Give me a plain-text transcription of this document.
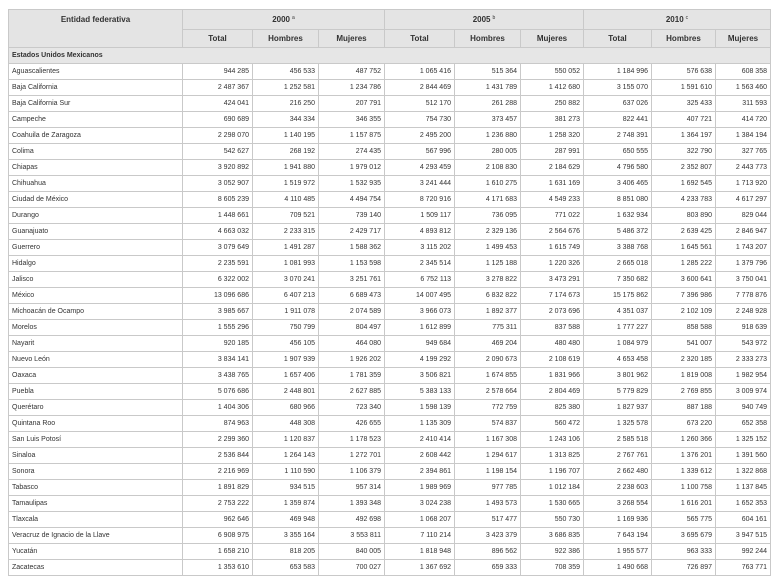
Entidad federativa	2000 $^a$			2005 $^b$			2010 $^c$
	Total	Hombres	Mujeres	Total	Hombres	Mujeres	Total	Hombres	Mujeres
Estados Unidos Mexicanos									
Aguascalientes	944 285	456 533	487 752	1 065 416	515 364	550 052	1 184 996	576 638	608 358
Baja California	2 487 367	1 252 581	1 234 786	2 844 469	1 431 789	1 412 680	3 155 070	1 591 610	1 563 460
Baja California Sur	424 041	216 250	207 791	512 170	261 288	250 882	637 026	325 433	311 593
Campeche	690 689	344 334	346 355	754 730	373 457	381 273	822 441	407 721	414 720
Coahuila de Zaragoza	2 298 070	1 140 195	1 157 875	2 495 200	1 236 880	1 258 320	2 748 391	1 364 197	1 384 194
Colima	542 627	268 192	274 435	567 996	280 005	287 991	650 555	322 790	327 765
Chiapas	3 920 892	1 941 880	1 979 012	4 293 459	2 108 830	2 184 629	4 796 580	2 352 807	2 443 773
Chihuahua	3 052 907	1 519 972	1 532 935	3 241 444	1 610 275	1 631 169	3 406 465	1 692 545	1 713 920
Ciudad de México	8 605 239	4 110 485	4 494 754	8 720 916	4 171 683	4 549 233	8 851 080	4 233 783	4 617 297
Durango	1 448 661	709 521	739 140	1 509 117	736 095	771 022	1 632 934	803 890	829 044
Guanajuato	4 663 032	2 233 315	2 429 717	4 893 812	2 329 136	2 564 676	5 486 372	2 639 425	2 846 947
Guerrero	3 079 649	1 491 287	1 588 362	3 115 202	1 499 453	1 615 749	3 388 768	1 645 561	1 743 207
Hidalgo	2 235 591	1 081 993	1 153 598	2 345 514	1 125 188	1 220 326	2 665 018	1 285 222	1 379 796
Jalisco	6 322 002	3 070 241	3 251 761	6 752 113	3 278 822	3 473 291	7 350 682	3 600 641	3 750 041
México	13 096 686	6 407 213	6 689 473	14 007 495	6 832 822	7 174 673	15 175 862	7 396 986	7 778 876
Michoacán de Ocampo	3 985 667	1 911 078	2 074 589	3 966 073	1 892 377	2 073 696	4 351 037	2 102 109	2 248 928
Morelos	1 555 296	750 799	804 497	1 612 899	775 311	837 588	1 777 227	858 588	918 639
Nayarit	920 185	456 105	464 080	949 684	469 204	480 480	1 084 979	541 007	543 972
Nuevo León	3 834 141	1 907 939	1 926 202	4 199 292	2 090 673	2 108 619	4 653 458	2 320 185	2 333 273
Oaxaca	3 438 765	1 657 406	1 781 359	3 506 821	1 674 855	1 831 966	3 801 962	1 819 008	1 982 954
Puebla	5 076 686	2 448 801	2 627 885	5 383 133	2 578 664	2 804 469	5 779 829	2 769 855	3 009 974
Querétaro	1 404 306	680 966	723 340	1 598 139	772 759	825 380	1 827 937	887 188	940 749
Quintana Roo	874 963	448 308	426 655	1 135 309	574 837	560 472	1 325 578	673 220	652 358
San Luis Potosí	2 299 360	1 120 837	1 178 523	2 410 414	1 167 308	1 243 106	2 585 518	1 260 366	1 325 152
Sinaloa	2 536 844	1 264 143	1 272 701	2 608 442	1 294 617	1 313 825	2 767 761	1 376 201	1 391 560
Sonora	2 216 969	1 110 590	1 106 379	2 394 861	1 198 154	1 196 707	2 662 480	1 339 612	1 322 868
Tabasco	1 891 829	934 515	957 314	1 989 969	977 785	1 012 184	2 238 603	1 100 758	1 137 845
Tamaulipas	2 753 222	1 359 874	1 393 348	3 024 238	1 493 573	1 530 665	3 268 554	1 616 201	1 652 353
Tlaxcala	962 646	469 948	492 698	1 068 207	517 477	550 730	1 169 936	565 775	604 161
Veracruz de Ignacio de la Llave	6 908 975	3 355 164	3 553 811	7 110 214	3 423 379	3 686 835	7 643 194	3 695 679	3 947 515
Yucatán	1 658 210	818 205	840 005	1 818 948	896 562	922 386	1 955 577	963 333	992 244
Zacatecas	1 353 610	653 583	700 027	1 367 692	659 333	708 359	1 490 668	726 897	763 771
